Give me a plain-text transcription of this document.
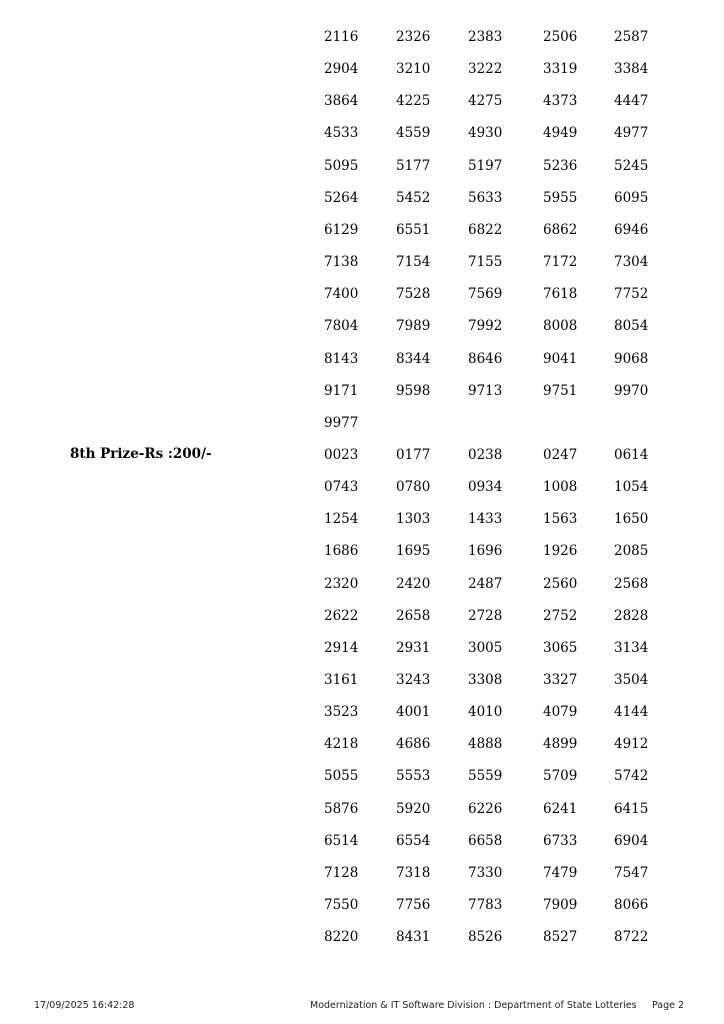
2116	2326	2383	2506	2587
2904	3210	3222	3319	3384
3864	4225	4275	4373	4447
4533	4559	4930	4949	4977
5095	5177	5197	5236	5245
5264	5452	5633	5955	6095
6129	6551	6822	6862	6946
7138	7154	7155	7172	7304
7400	7528	7569	7618	7752
7804	7989	7992	8008	8054
8143	8344	8646	9041	9068
9171	9598	9713	9751	9970
9977
0023	0177	0238	0247	0614
0743	0780	0934	1008	1054
1254	1303	1433	1563	1650
1686	1695	1696	1926	2085
2320	2420	2487	2560	2568
2622	2658	2728	2752	2828
2914	2931	3005	3065	3134
3161	3243	3308	3327	3504
3523	4001	4010	4079	4144
4218	4686	4888	4899	4912
5055	5553	5559	5709	5742
5876	5920	6226	6241	6415
6514	6554	6658	6733	6904
7128	7318	7330	7479	7547
7550	7756	7783	7909	8066
8220	8431	8526	8527	8722
8th Prize-Rs :200/-
17/09/2025 16:42:28	Modernization & IT Software Division : Department of State Lotteries Page 2
